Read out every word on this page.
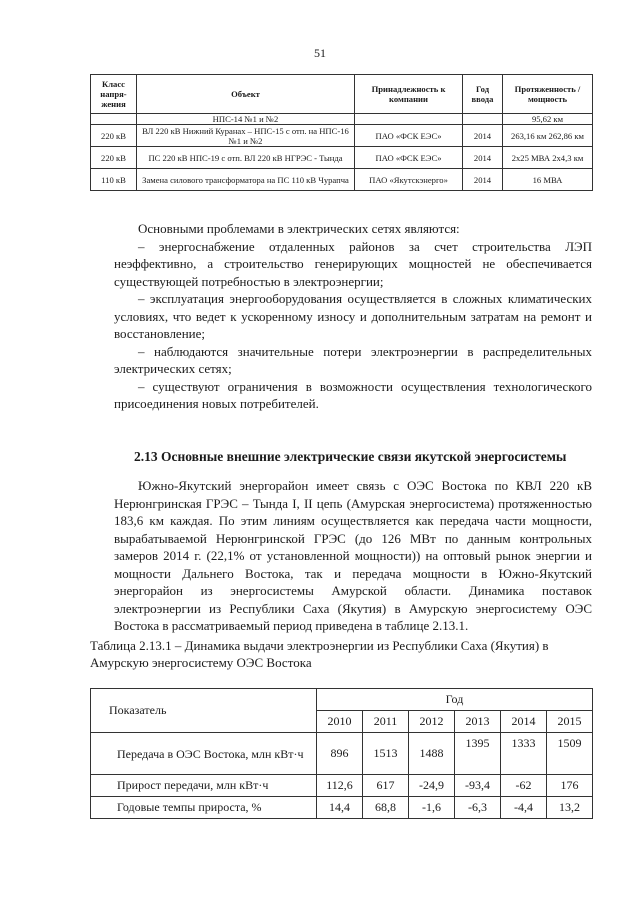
51
Класс напря-жения	Объект	Принадлежность к компании	Год ввода	Протяженность /мощность
	НПС-14 №1 и №2			95,62 км
220 кВ	ВЛ 220 кВ Нижний Куранах – НПС-15 с отп. на НПС-16 №1 и №2	ПАО «ФСК ЕЭС»	2014	263,16 км 262,86 км
220 кВ	ПС 220 кВ НПС-19 с отп. ВЛ 220 кВ НГРЭС - Тында	ПАО «ФСК ЕЭС»	2014	2х25 МВА 2х4,3 км
110 кВ	Замена силового трансформатора на ПС 110 кВ Чурапча	ПАО «Якутскэнерго»	2014	16 МВА

Основными проблемами в электрических сетях являются:

– энергоснабжение отдаленных районов за счет строительства ЛЭП неэффективно, а строительство генерирующих мощностей не обеспечивается существующей потребностью в электроэнергии;

– эксплуатация энергооборудования осуществляется в сложных климатических условиях, что ведет к ускоренному износу и дополнительным затратам на ремонт и восстановление;

– наблюдаются значительные потери электроэнергии в распределительных электрических сетях;

– существуют ограничения в возможности осуществления технологического присоединения новых потребителей.

2.13 Основные внешние электрические связи якутской энергосистемы

Южно-Якутский энергорайон имеет связь с ОЭС Востока по КВЛ 220 кВ Нерюнгринская ГРЭС – Тында I, II цепь (Амурская энергосистема) протяженностью 183,6 км каждая. По этим линиям осуществляется как передача части мощности, вырабатываемой Нерюнгринской ГРЭС (до 126 МВт по данным контрольных замеров 2014 г. (22,1% от установленной мощности)) на оптовый рынок энергии и мощности Дальнего Востока, так и передача мощности в Южно-Якутский энергорайон из энергосистемы Амурской области. Динамика поставок электроэнергии из Республики Саха (Якутия) в Амурскую энергосистему ОЭС Востока в рассматриваемый период приведена в таблице 2.13.1.

Таблица 2.13.1 – Динамика выдачи электроэнергии из Республики Саха (Якутия) в Амурскую энергосистему ОЭС Востока
Показатель	Год					
	2010	2011	2012	2013	2014	2015
Передача в ОЭС Востока, млн кВт·ч	896	1513	1488	1395	1333	1509
Прирост передачи, млн кВт·ч	112,6	617	-24,9	-93,4	-62	176
Годовые темпы прироста, %	14,4	68,8	-1,6	-6,3	-4,4	13,2
